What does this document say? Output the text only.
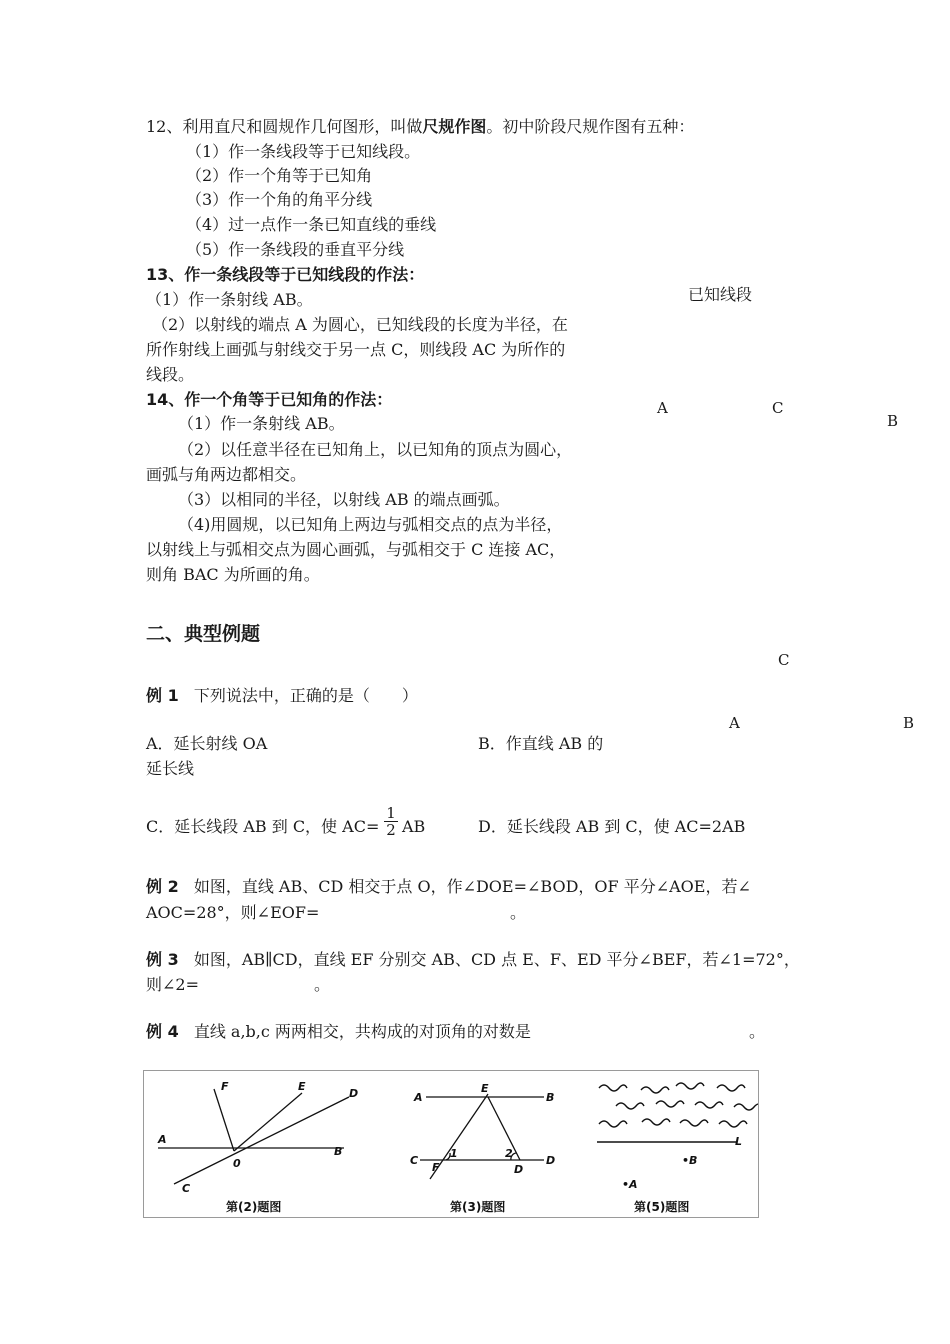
12、利用直尺和圆规作几何图形，叫做尺规作图。初中阶段尺规作图有五种：
（1）作一条线段等于已知线段。
（2）作一个角等于已知角
（3）作一个角的角平分线
（4）过一点作一条已知直线的垂线
（5）作一条线段的垂直平分线
13、作一条线段等于已知线段的作法：
（1）作一条射线 AB。
（2）以射线的端点 A 为圆心，已知线段的长度为半径，在
所作射线上画弧与射线交于另一点 C，则线段 AC 为所作的
线段。
14、作一个角等于已知角的作法：
（1）作一条射线 AB。
（2）以任意半径在已知角上，以已知角的顶点为圆心，
画弧与角两边都相交。
（3）以相同的半径，以射线 AB 的端点画弧。
（4)用圆规，以已知角上两边与弧相交点的点为半径，
以射线上与弧相交点为圆心画弧，与弧相交于 C 连接 AC，
则角 BAC 为所画的角。
已知线段
A	C
B
C
A	B
二、典型例题
例 1 下列说法中，正确的是（　　）
A．延长射线 OA	B．作直线 AB 的
延长线
C．延长线段 AB 到 C，使 $AC= \frac{1}{2}$ AB	D．延长线段 AB 到 C，使 AC=2AB
例 2 如图，直线 AB、CD 相交于点 O，作∠DOE=∠BOD，OF 平分∠AOE，若∠
AOC=28°，则∠EOF=	。
例 3 如图，AB∥CD，直线 EF 分别交 AB、CD 点 E、F、ED 平分∠BEF，若∠1=72°，
则∠2=	。
例 4 直线 a,b,c 两两相交，共构成的对顶角的对数是	。
F	E
D
A
0
B
C
第(2)题图
A
E
B
C
F
1	2
D
D
第(3)题图
L
•B
•A
第(5)题图
